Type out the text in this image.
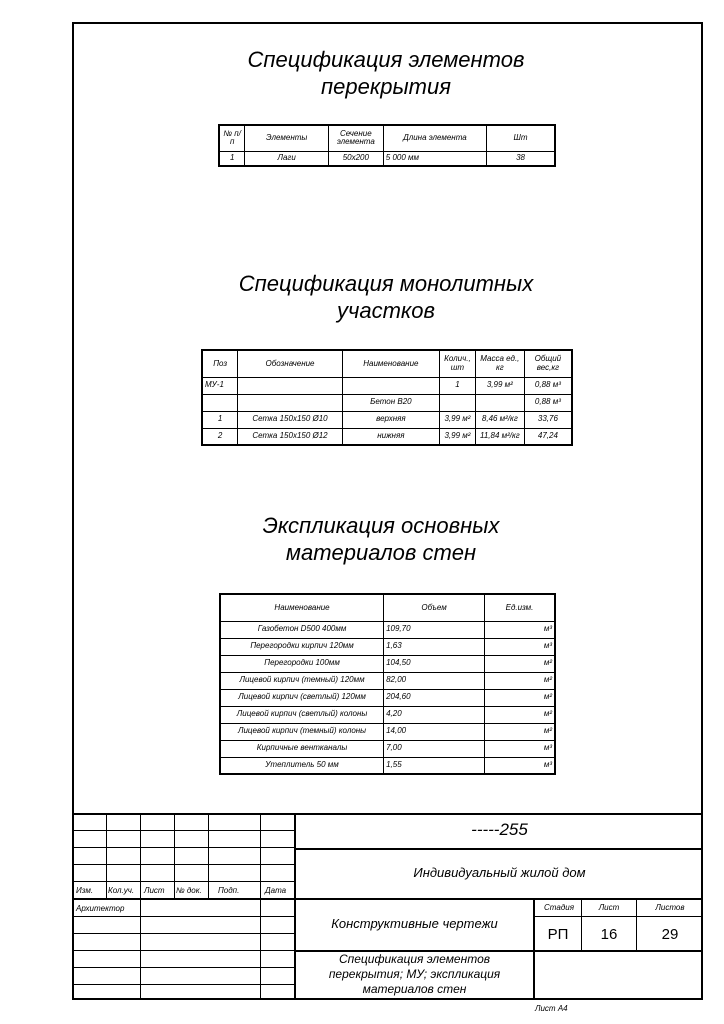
Спецификация элементов
перекрытия
№ п/п	Элементы	Сечение элемента	Длина элемента	Шт
1	Лаги	50х200	5 000 мм	38
Спецификация монолитных
участков
Поз	Обозначение	Наименование	Колич., шт	Масса ед., кг	Общий вес,кг
МУ-1			1	3,99 м²	0,88 м³
		Бетон В20			0,88 м³
1	Сетка 150х150 Ø10	верхняя	3,99 м²	8,46 м²/кг	33,76
2	Сетка 150х150 Ø12	нижняя	3,99 м²	11,84 м²/кг	47,24
Экспликация основных
материалов стен
Наименование	Объем	Ед.изм.
Газобетон D500 400мм	109,70	м³
Перегородки кирпич 120мм	1,63	м³
Перегородки 100мм	104,50	м²
Лицевой кирпич (темный) 120мм	82,00	м²
Лицевой кирпич (светлый) 120мм	204,60	м²
Лицевой кирпич (светлый) колоны	4,20	м²
Лицевой кирпич (темный) колоны	14,00	м²
Кирпичные вентканалы	7,00	м³
Утеплитель 50 мм	1,55	м³
Изм. Кол.уч. Лист № док. Подп.	Дата
Архитектор
-----255
Индивидуальный жилой дом
Конструктивные чертежи
Спецификация элементов
перекрытия; МУ; экспликация
материалов стен
Стадия	Лист	Листов
РП	16	29
Лист А4
